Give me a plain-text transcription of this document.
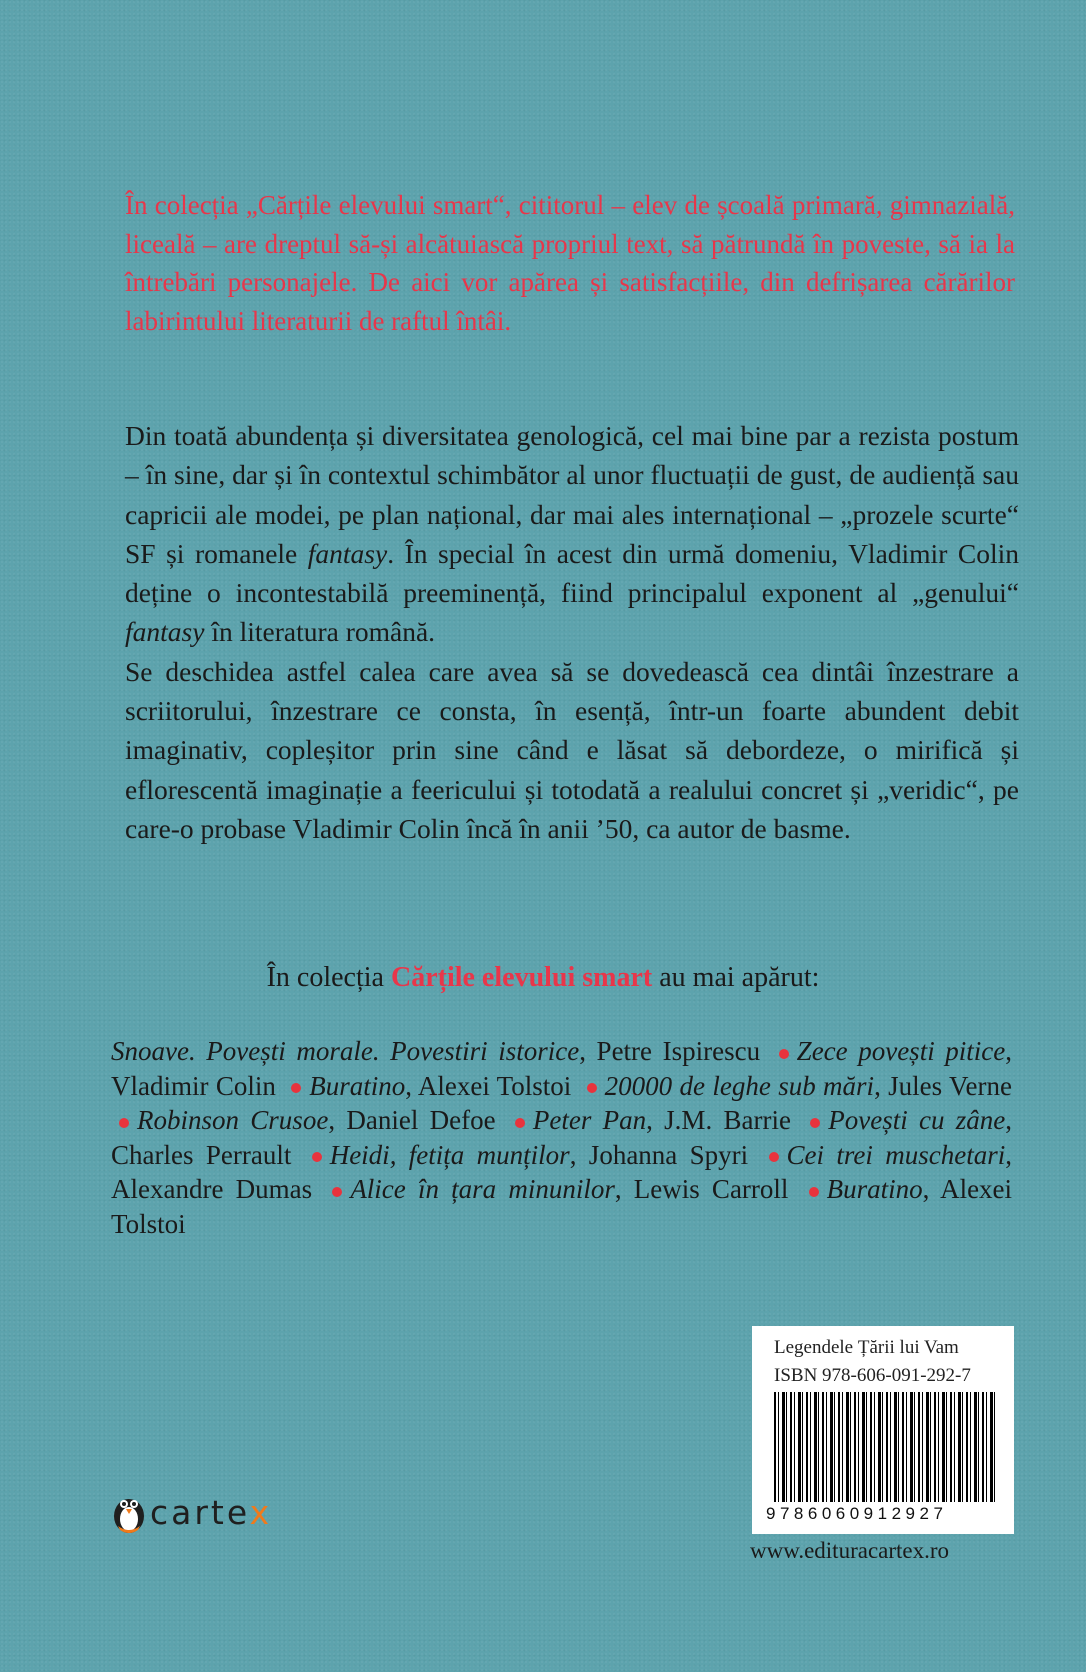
În colecția „Cărțile elevului smart“, cititorul – elev de școală primară, gimnazială, liceală – are dreptul să-și alcătuiască propriul text, să pătrundă în poveste, să ia la întrebări personajele. De aici vor apărea și satisfacțiile, din defrișarea cărărilor labirintului literaturii de raftul întâi.

Din toată abundența și diversitatea genologică, cel mai bine par a rezista postum – în sine, dar și în contextul schimbător al unor fluctuații de gust, de audiență sau capricii ale modei, pe plan național, dar mai ales internațional – „prozele scurte“ SF și romanele fantasy. În special în acest din urmă domeniu, Vladimir Colin deține o incontestabilă preeminență, fiind principalul exponent al „genului“ fantasy în literatura română.

Se deschidea astfel calea care avea să se dovedească cea dintâi înzestrare a scriitorului, înzestrare ce consta, în esență, într-un foarte abundent debit imaginativ, copleșitor prin sine când e lăsat să debordeze, o mirifică și eflorescentă imaginație a feericului și totodată a realului concret și „veridic“, pe care-o probase Vladimir Colin încă în anii ’50, ca autor de basme.

În colecția Cărțile elevului smart au mai apărut:

Snoave. Povești morale. Povestiri istorice, Petre Ispirescu Zece povești pitice, Vladimir Colin Buratino, Alexei Tolstoi 20000 de leghe sub mări, Jules Verne Robinson Crusoe, Daniel Defoe Peter Pan, J.M. Barrie Povești cu zâne, Charles Perrault Heidi, fetița munților, Johanna Spyri Cei trei muschetari, Alexandre Dumas Alice în țara minunilor, Lewis Carroll Buratino, Alexei Tolstoi

Legendele Țării lui Vam
ISBN 978-606-091-292-7
9786060912927
www.edituracartex.ro
cartex
